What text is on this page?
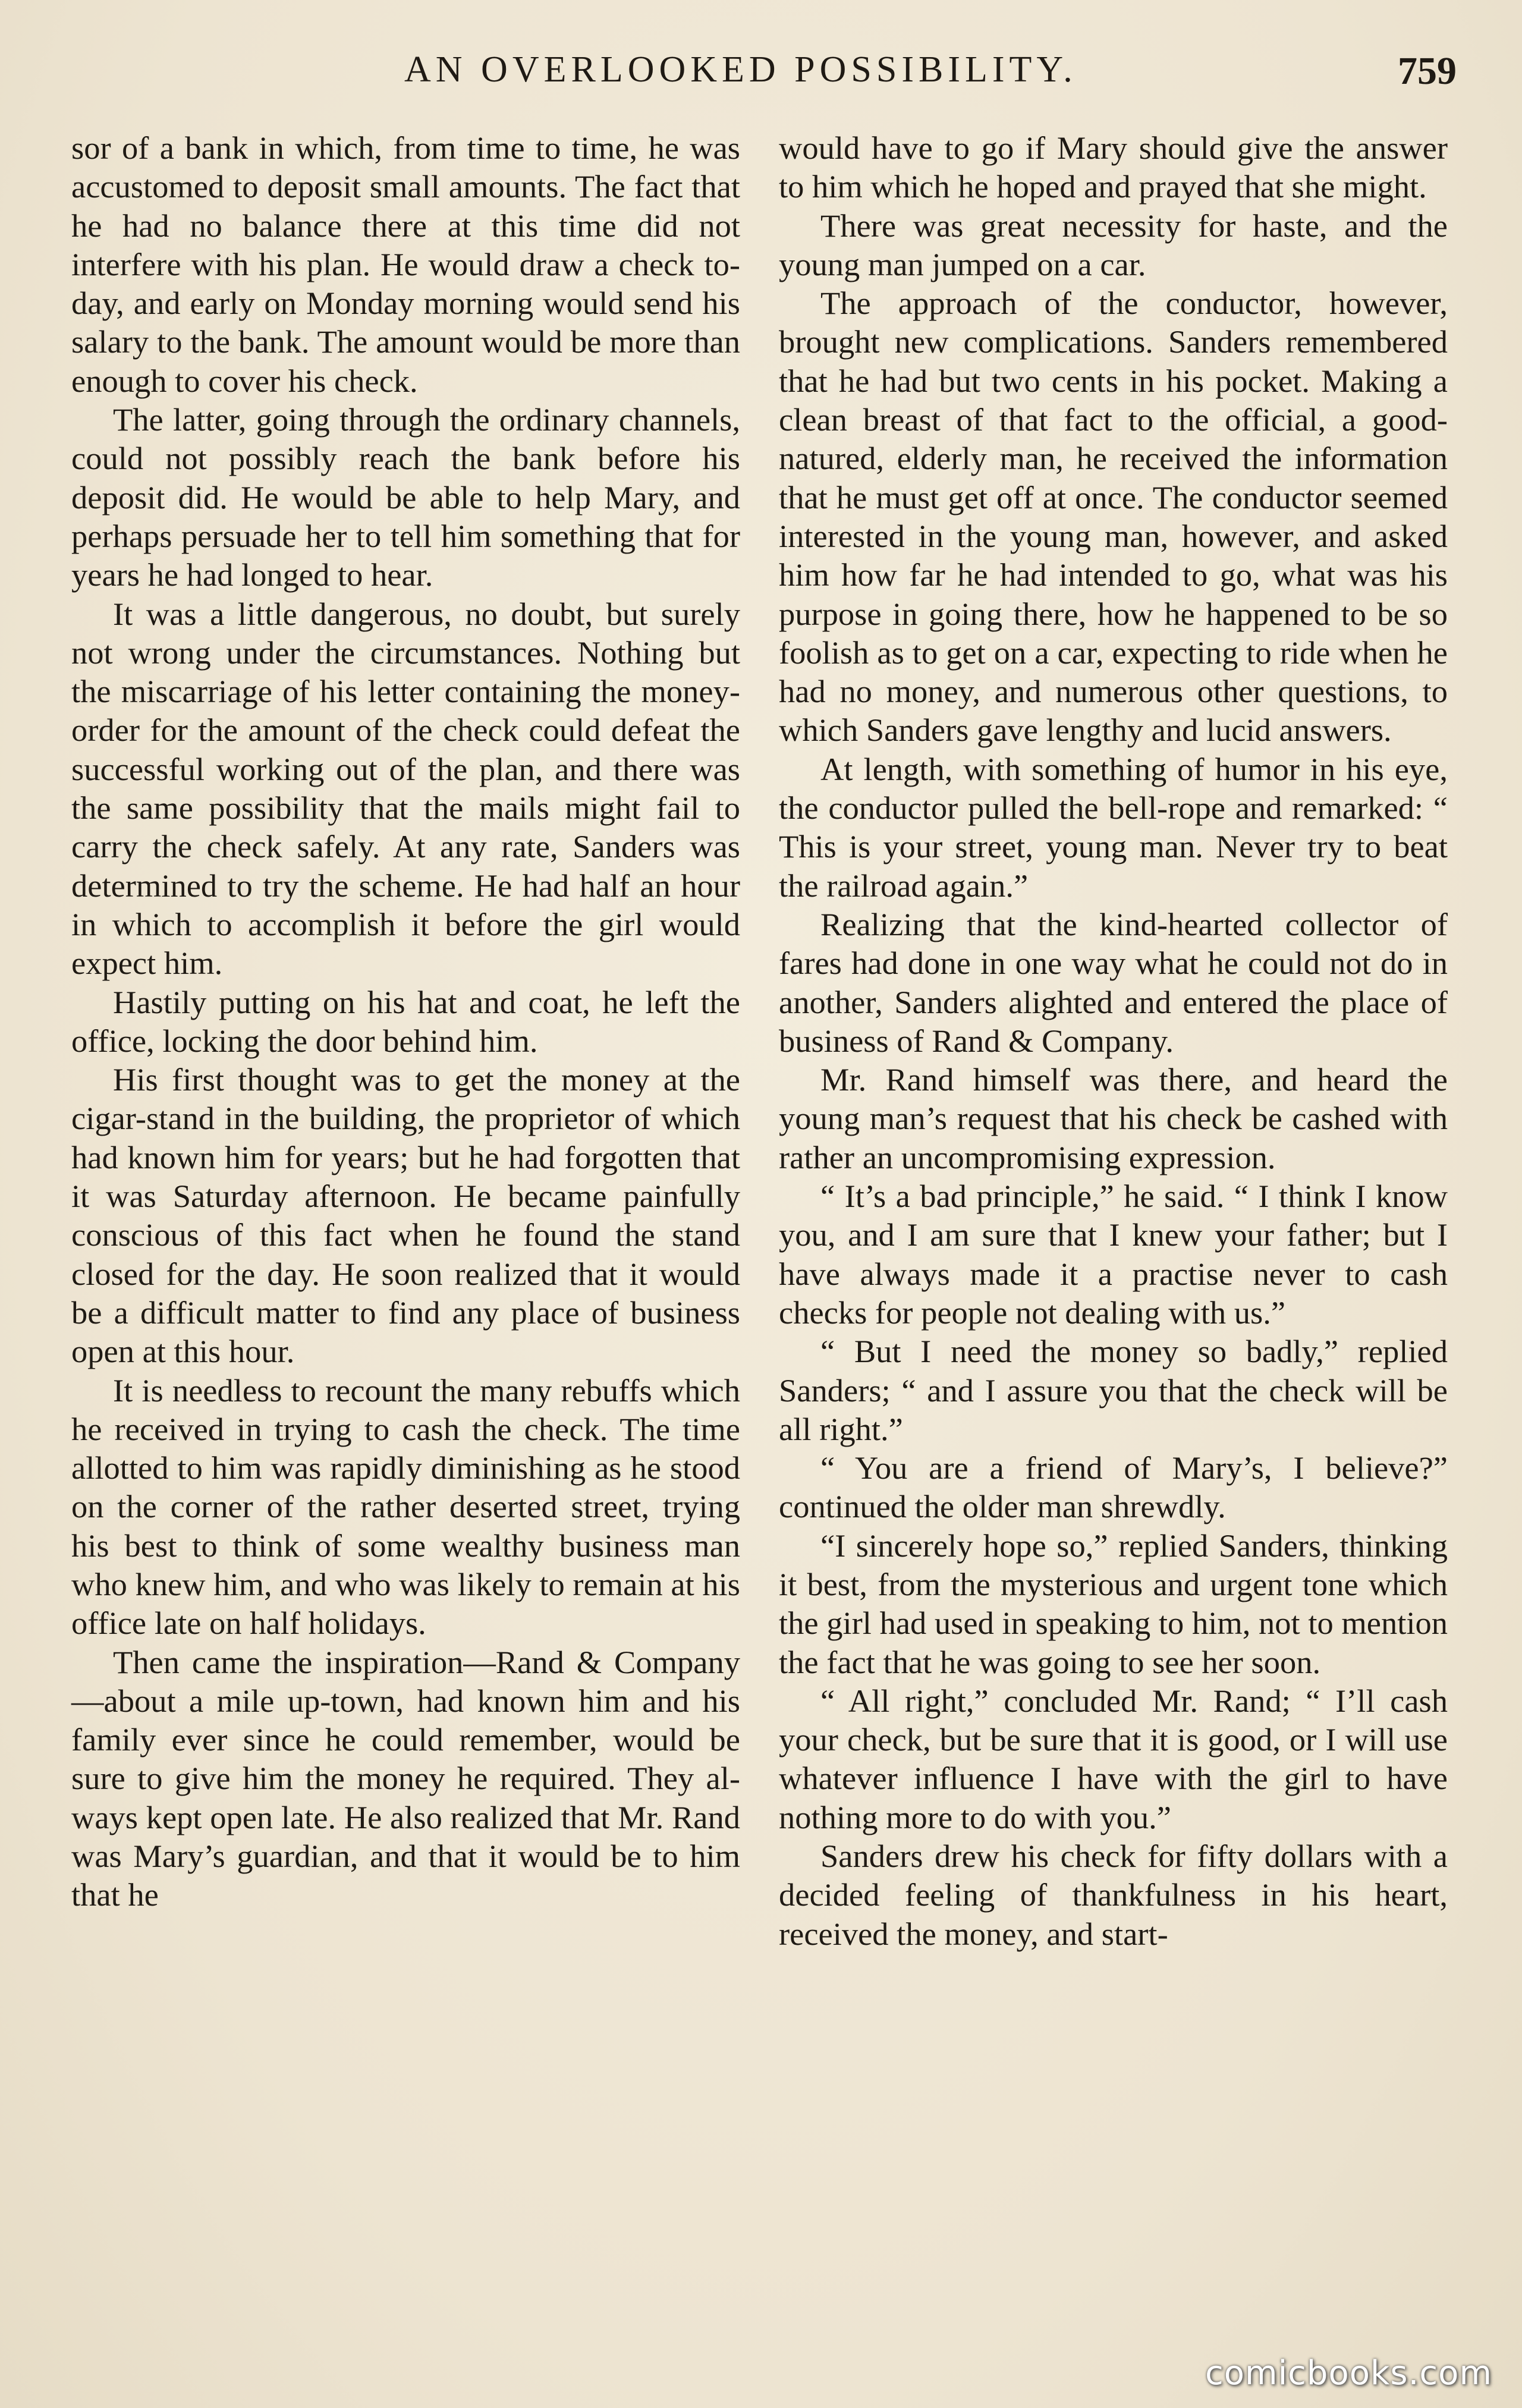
AN OVERLOOKED POSSIBILITY.	759

sor of a bank in which, from time to time, he was accustomed to deposit small amounts. The fact that he had no balance there at this time did not interfere with his plan. He would draw a check to-day, and early on Monday morning would send his salary to the bank. The amount would be more than enough to cover his check.

The latter, going through the ordinary channels, could not possibly reach the bank before his deposit did. He would be able to help Mary, and perhaps persuade her to tell him something that for years he had longed to hear.

It was a little dangerous, no doubt, but surely not wrong under the circumstances. Nothing but the miscarriage of his letter containing the money-order for the amount of the check could defeat the successful working out of the plan, and there was the same possibility that the mails might fail to carry the check safely. At any rate, Sanders was determined to try the scheme. He had half an hour in which to accomplish it before the girl would expect him.

Hastily putting on his hat and coat, he left the office, locking the door behind him.

His first thought was to get the money at the cigar-stand in the building, the proprietor of which had known him for years; but he had forgotten that it was Saturday afternoon. He became painfully conscious of this fact when he found the stand closed for the day. He soon realized that it would be a difficult matter to find any place of business open at this hour.

It is needless to recount the many rebuffs which he received in trying to cash the check. The time allotted to him was rapidly diminishing as he stood on the corner of the rather deserted street, trying his best to think of some wealthy business man who knew him, and who was likely to remain at his office late on half holidays.

Then came the inspiration—Rand & Company—about a mile up-town, had known him and his family ever since he could remember, would be sure to give him the money he required. They always kept open late. He also realized that Mr. Rand was Mary’s guardian, and that it would be to him that he

would have to go if Mary should give the answer to him which he hoped and prayed that she might.

There was great necessity for haste, and the young man jumped on a car.

The approach of the conductor, however, brought new complications. Sanders remembered that he had but two cents in his pocket. Making a clean breast of that fact to the official, a good-natured, elderly man, he received the information that he must get off at once. The conductor seemed interested in the young man, however, and asked him how far he had intended to go, what was his purpose in going there, how he happened to be so foolish as to get on a car, expecting to ride when he had no money, and numerous other questions, to which Sanders gave lengthy and lucid answers.

At length, with something of humor in his eye, the conductor pulled the bell-rope and remarked: “ This is your street, young man. Never try to beat the railroad again.”

Realizing that the kind-hearted collector of fares had done in one way what he could not do in another, Sanders alighted and entered the place of business of Rand & Company.

Mr. Rand himself was there, and heard the young man’s request that his check be cashed with rather an uncompromising expression.

“ It’s a bad principle,” he said. “ I think I know you, and I am sure that I knew your father; but I have always made it a practise never to cash checks for people not dealing with us.”

“ But I need the money so badly,” replied Sanders; “ and I assure you that the check will be all right.”

“ You are a friend of Mary’s, I believe?” continued the older man shrewdly.

“I sincerely hope so,” replied Sanders, thinking it best, from the mysterious and urgent tone which the girl had used in speaking to him, not to mention the fact that he was going to see her soon.

“ All right,” concluded Mr. Rand; “ I’ll cash your check, but be sure that it is good, or I will use whatever influence I have with the girl to have nothing more to do with you.”

Sanders drew his check for fifty dollars with a decided feeling of thankfulness in his heart, received the money, and start-

comicbooks.com
